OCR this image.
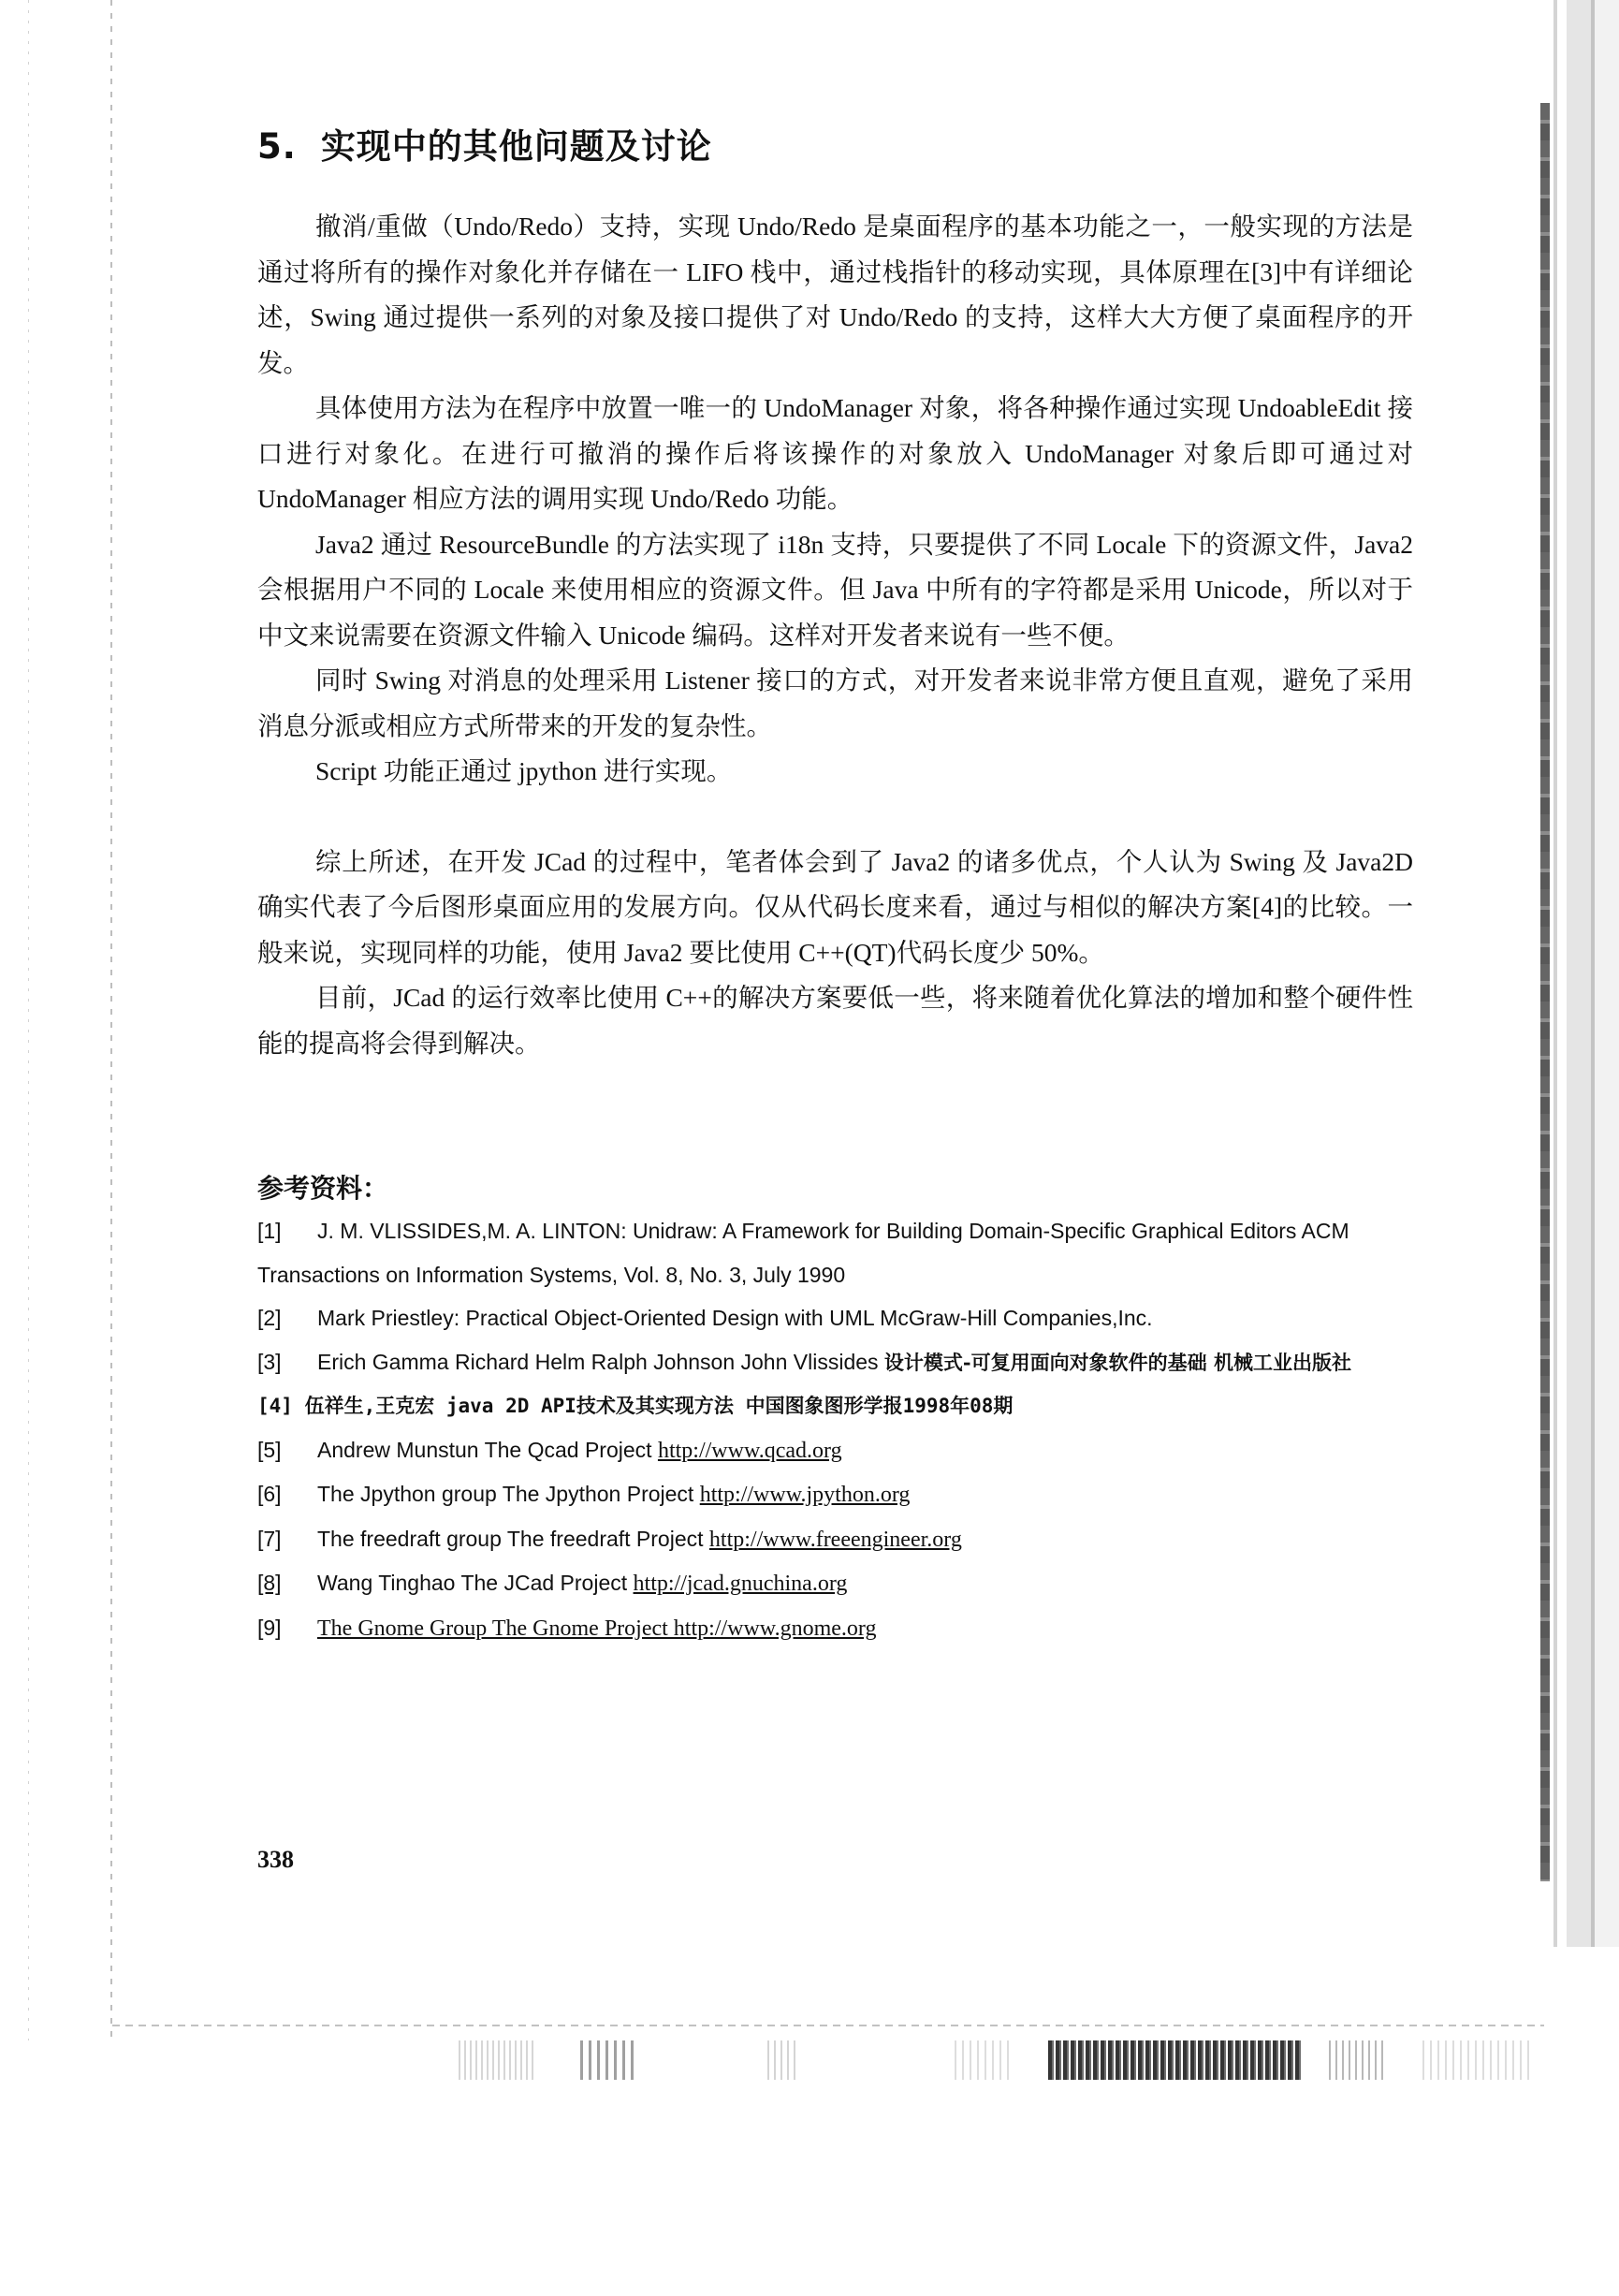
5. 实现中的其他问题及讨论

撤消/重做（Undo/Redo）支持，实现 Undo/Redo 是桌面程序的基本功能之一，一般实现的方法是通过将所有的操作对象化并存储在一 LIFO 栈中，通过栈指针的移动实现，具体原理在[3]中有详细论述，Swing 通过提供一系列的对象及接口提供了对 Undo/Redo 的支持，这样大大方便了桌面程序的开发。

具体使用方法为在程序中放置一唯一的 UndoManager 对象，将各种操作通过实现 UndoableEdit 接口进行对象化。在进行可撤消的操作后将该操作的对象放入 UndoManager 对象后即可通过对 UndoManager 相应方法的调用实现 Undo/Redo 功能。

Java2 通过 ResourceBundle 的方法实现了 i18n 支持，只要提供了不同 Locale 下的资源文件，Java2 会根据用户不同的 Locale 来使用相应的资源文件。但 Java 中所有的字符都是采用 Unicode，所以对于中文来说需要在资源文件输入 Unicode 编码。这样对开发者来说有一些不便。

同时 Swing 对消息的处理采用 Listener 接口的方式，对开发者来说非常方便且直观，避免了采用消息分派或相应方式所带来的开发的复杂性。

Script 功能正通过 jpython 进行实现。

综上所述，在开发 JCad 的过程中，笔者体会到了 Java2 的诸多优点，个人认为 Swing 及 Java2D 确实代表了今后图形桌面应用的发展方向。仅从代码长度来看，通过与相似的解决方案[4]的比较。一般来说，实现同样的功能，使用 Java2 要比使用 C++(QT)代码长度少 50%。

目前，JCad 的运行效率比使用 C++的解决方案要低一些，将来随着优化算法的增加和整个硬件性能的提高将会得到解决。

参考资料：

[1] J. M. VLISSIDES,M. A. LINTON: Unidraw: A Framework for Building Domain-Specific Graphical Editors ACM Transactions on Information Systems, Vol. 8, No. 3, July 1990

[2] Mark Priestley: Practical Object-Oriented Design with UML McGraw-Hill Companies,Inc.

[3] Erich Gamma Richard Helm Ralph Johnson John Vlissides 设计模式-可复用面向对象软件的基础 机械工业出版社

[4] 伍祥生,王克宏 java 2D API技术及其实现方法 中国图象图形学报1998年08期

[5] Andrew Munstun The Qcad Project http://www.qcad.org

[6] The Jpython group The Jpython Project http://www.jpython.org

[7] The freedraft group The freedraft Project http://www.freeengineer.org

[8] Wang Tinghao The JCad Project http://jcad.gnuchina.org

[9] The Gnome Group The Gnome Project http://www.gnome.org

338
